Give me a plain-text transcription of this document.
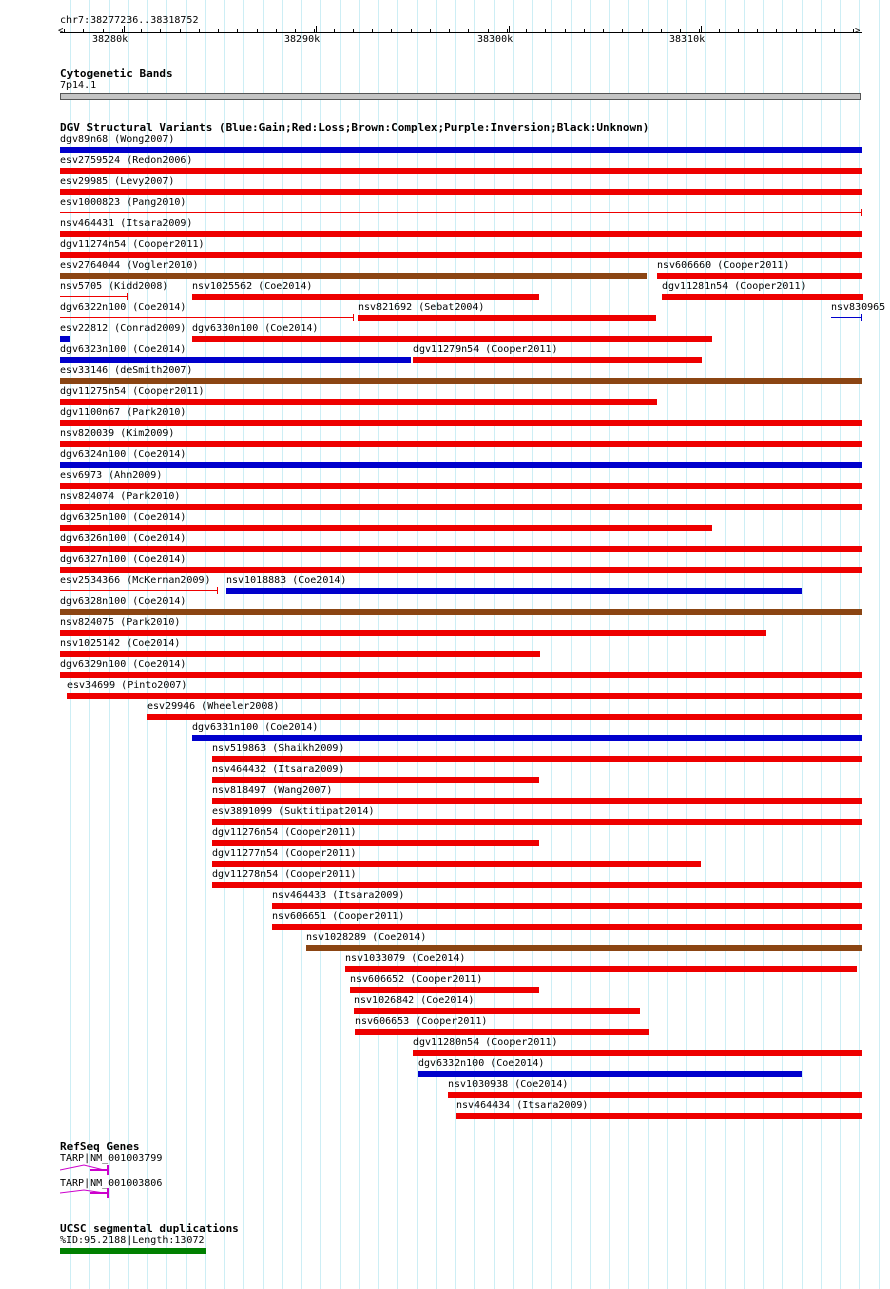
chr7:38277236..38318752
38280k	38290k	38300k	38310k
<	>
Cytogenetic Bands
7p14.1
DGV Structural Variants (Blue:Gain;Red:Loss;Brown:Complex;Purple:Inversion;Black:Unknown)
dgv89n68 (Wong2007)
esv2759524 (Redon2006)
esv29985 (Levy2007)
esv1000823 (Pang2010)
nsv464431 (Itsara2009)
dgv11274n54 (Cooper2011)
esv2764044 (Vogler2010)	nsv606660 (Cooper2011)
nsv5705 (Kidd2008) nsv1025562 (Coe2014)	dgv11281n54 (Cooper2011)
dgv6322n100 (Coe2014)	nsv821692 (Sebat2004)	nsv830965
esv22812 (Conrad2009) dgv6330n100 (Coe2014)
dgv6323n100 (Coe2014)	dgv11279n54 (Cooper2011)
esv33146 (deSmith2007)
dgv11275n54 (Cooper2011)
dgv1100n67 (Park2010)
nsv820039 (Kim2009)
dgv6324n100 (Coe2014)
esv6973 (Ahn2009)
nsv824074 (Park2010)
dgv6325n100 (Coe2014)
dgv6326n100 (Coe2014)
dgv6327n100 (Coe2014)
esv2534366 (McKernan2009) nsv1018883 (Coe2014)
dgv6328n100 (Coe2014)
nsv824075 (Park2010)
nsv1025142 (Coe2014)
dgv6329n100 (Coe2014)
esv34699 (Pinto2007)
esv29946 (Wheeler2008)
dgv6331n100 (Coe2014)
nsv519863 (Shaikh2009)
nsv464432 (Itsara2009)
nsv818497 (Wang2007)
esv3891099 (Suktitipat2014)
dgv11276n54 (Cooper2011)
dgv11277n54 (Cooper2011)
dgv11278n54 (Cooper2011)
nsv464433 (Itsara2009)
nsv606651 (Cooper2011)
nsv1028289 (Coe2014)
nsv1033079 (Coe2014)
nsv606652 (Cooper2011)
nsv1026842 (Coe2014)
nsv606653 (Cooper2011)
dgv11280n54 (Cooper2011)
dgv6332n100 (Coe2014)
nsv1030938 (Coe2014)
nsv464434 (Itsara2009)
RefSeq Genes
TARP|NM_001003799
TARP|NM_001003806
UCSC segmental duplications
%ID:95.2188|Length:13072
